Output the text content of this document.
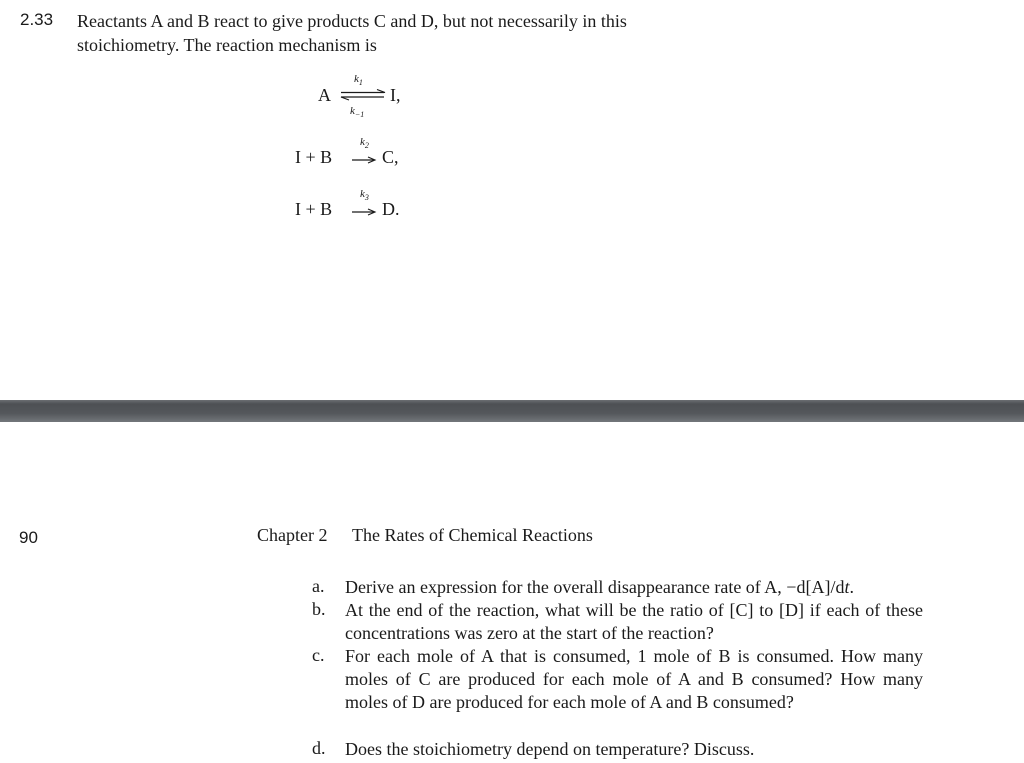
2.33 Reactants A and B react to give products C and D, but not necessarily in this stoichiometry. The reaction mechanism is
A
$k_1$
$k_{-1}$
I,
I + B
$k_2$
C,
I + B
$k_3$
D.
90	Chapter 2 The Rates of Chemical Reactions
a. Derive an expression for the overall disappearance rate of A, −d[A]/dt.
b. At the end of the reaction, what will be the ratio of [C] to [D] if each of these concentrations was zero at the start of the reaction?
c. For each mole of A that is consumed, 1 mole of B is consumed. How many moles of C are produced for each mole of A and B consumed? How many moles of D are produced for each mole of A and B consumed?
d. Does the stoichiometry depend on temperature? Discuss.
